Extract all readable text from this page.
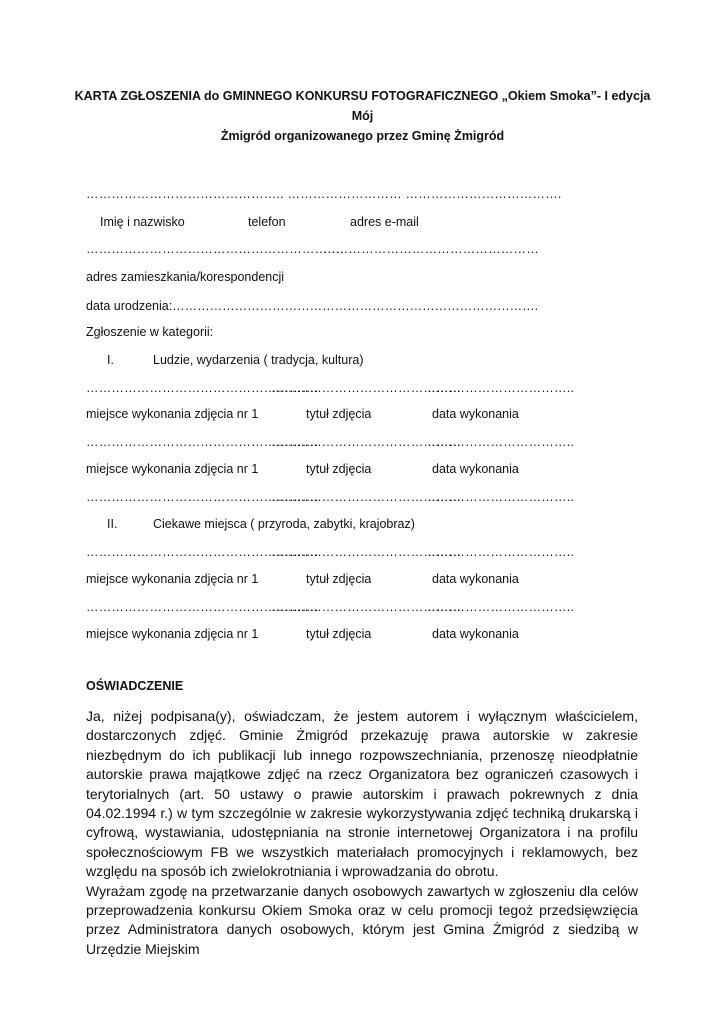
KARTA ZGŁOSZENIA do GMINNEGO KONKURSU FOTOGRAFICZNEGO „Okiem Smoka”- I edycja Mój
Żmigród organizowanego przez Gminę Żmigród
……………………………………….. ……………………… ……………………………….
Imię i nazwisko	telefon	adres e-mail
…………………………………………………….
……………………………………………
adres zamieszkania/korespondencji
data urodzenia:…………………………………………………………………………….
Zgłoszenie w kategorii:
I.	Ludzie, wydarzenia ( tradycja, kultura)
……………………………………………….
………………………………………
……………………………..
miejsce wykonania zdjęcia nr 1	tytuł zdjęcia	data wykonania
……………………………………………….
………………………………………
……………………………..
miejsce wykonania zdjęcia nr 1	tytuł zdjęcia	data wykonania
……………………………………………….
………………………………………
……………………………..
II.	Ciekawe miejsca ( przyroda, zabytki, krajobraz)
……………………………………………….
………………………………………
……………………………..
miejsce wykonania zdjęcia nr 1	tytuł zdjęcia	data wykonania
……………………………………………….
………………………………………
……………………………..
miejsce wykonania zdjęcia nr 1	tytuł zdjęcia	data wykonania
OŚWIADCZENIE

Ja, niżej podpisana(y), oświadczam, że jestem autorem i wyłącznym właścicielem, dostarczonych zdjęć. Gminie Żmigród przekazuję prawa autorskie w zakresie niezbędnym do ich publikacji lub innego rozpowszechniania, przenoszę nieodpłatnie autorskie prawa majątkowe zdjęć na rzecz Organizatora bez ograniczeń czasowych i terytorialnych (art. 50 ustawy o prawie autorskim i prawach pokrewnych z dnia 04.02.1994 r.) w tym szczególnie w zakresie wykorzystywania zdjęć techniką drukarską i cyfrową, wystawiania, udostępniania na stronie internetowej Organizatora i na profilu społecznościowym FB we wszystkich materiałach promocyjnych i reklamowych, bez względu na sposób ich zwielokrotniania i wprowadzania do obrotu.

Wyrażam zgodę na przetwarzanie danych osobowych zawartych w zgłoszeniu dla celów przeprowadzenia konkursu Okiem Smoka oraz w celu promocji tegoż przedsięwzięcia przez Administratora danych osobowych, którym jest Gmina Żmigród z siedzibą w Urzędzie Miejskim
